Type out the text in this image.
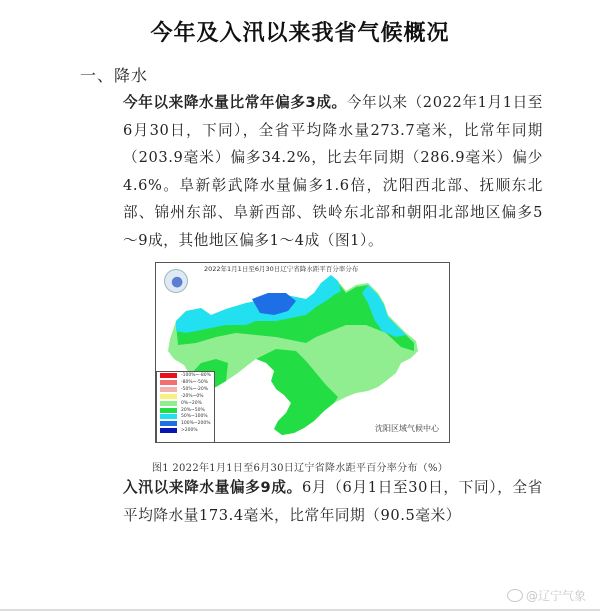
今年及入汛以来我省气候概况
一、降水
今年以来降水量比常年偏多3成。今年以来（2022年1月1日至6月30日，下同），全省平均降水量273.7毫米，比常年同期（203.9毫米）偏多34.2%，比去年同期（286.9毫米）偏少4.6%。阜新彰武降水量偏多1.6倍，沈阳西北部、抚顺东北部、锦州东部、阜新西部、铁岭东北部和朝阳北部地区偏多5～9成，其他地区偏多1～4成（图1）。
2022年1月1日至6月30日辽宁省降水距平百分率分布
-100%~-80%
-80%~-50%
-50%~-20%
-20%~0%
0%~20%
20%~50%
50%~100%
100%~200%
>200%	沈阳区域气候中心
图1 2022年1月1日至6月30日辽宁省降水距平百分率分布（%）
入汛以来降水量偏多9成。6月（6月1日至30日，下同），全省平均降水量173.4毫米，比常年同期（90.5毫米）
@辽宁气象
